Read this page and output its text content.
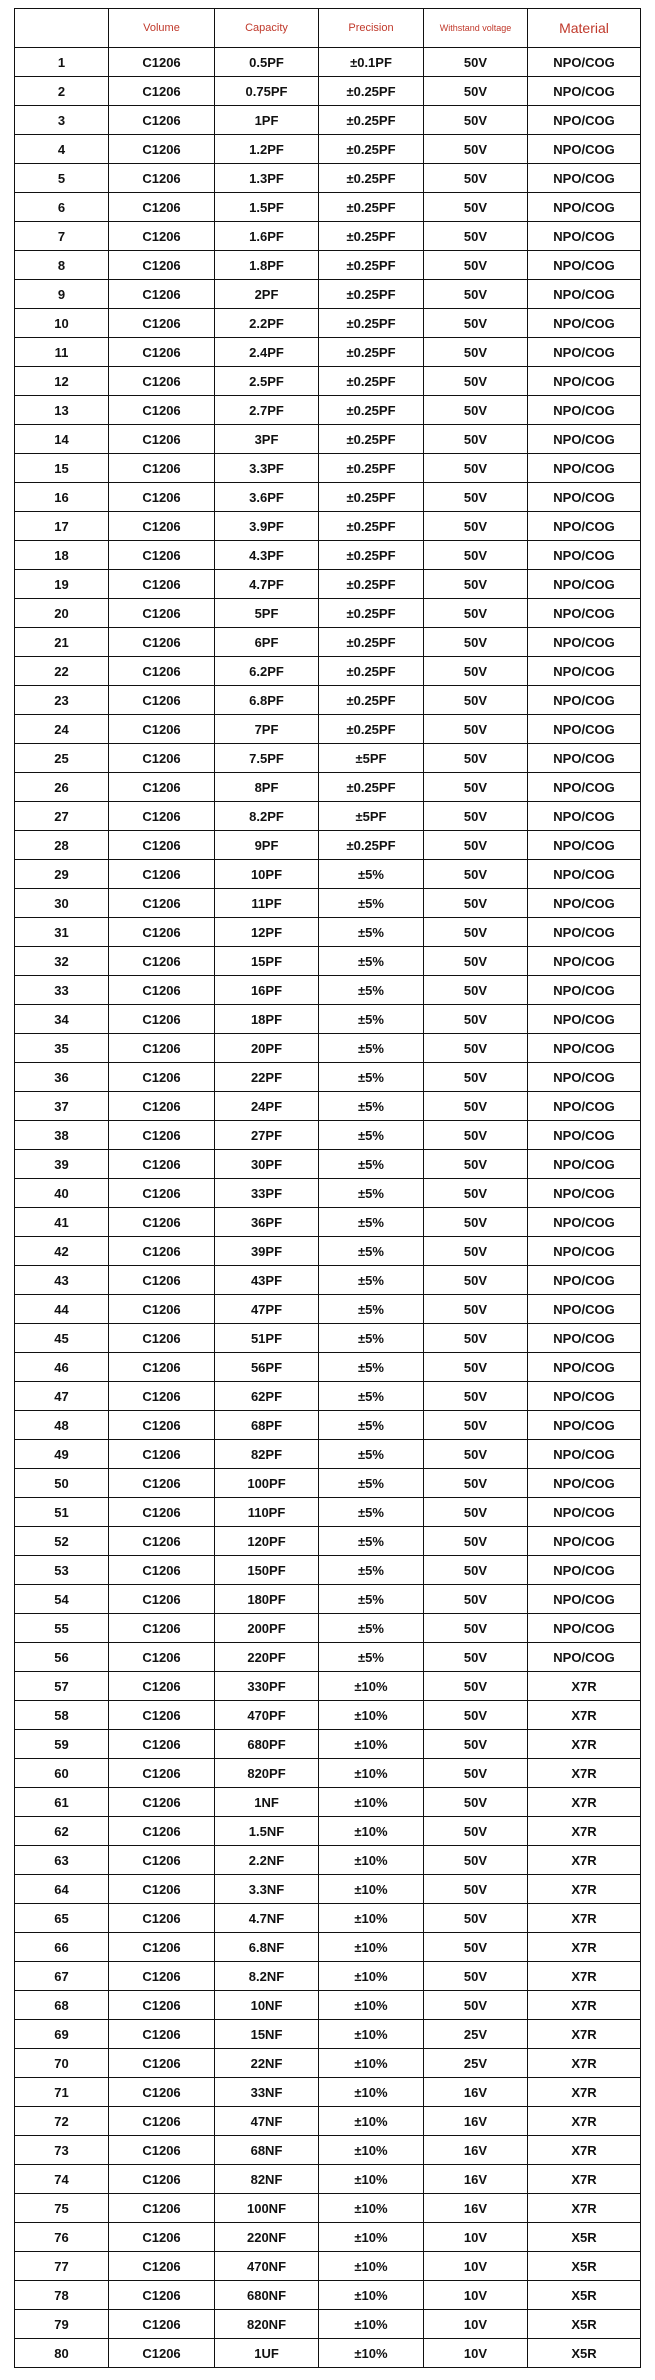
	Volume	Capacity	Precision	Withstand voltage	Material
1	C1206	0.5PF	±0.1PF	50V	NPO/COG
2	C1206	0.75PF	±0.25PF	50V	NPO/COG
3	C1206	1PF	±0.25PF	50V	NPO/COG
4	C1206	1.2PF	±0.25PF	50V	NPO/COG
5	C1206	1.3PF	±0.25PF	50V	NPO/COG
6	C1206	1.5PF	±0.25PF	50V	NPO/COG
7	C1206	1.6PF	±0.25PF	50V	NPO/COG
8	C1206	1.8PF	±0.25PF	50V	NPO/COG
9	C1206	2PF	±0.25PF	50V	NPO/COG
10	C1206	2.2PF	±0.25PF	50V	NPO/COG
11	C1206	2.4PF	±0.25PF	50V	NPO/COG
12	C1206	2.5PF	±0.25PF	50V	NPO/COG
13	C1206	2.7PF	±0.25PF	50V	NPO/COG
14	C1206	3PF	±0.25PF	50V	NPO/COG
15	C1206	3.3PF	±0.25PF	50V	NPO/COG
16	C1206	3.6PF	±0.25PF	50V	NPO/COG
17	C1206	3.9PF	±0.25PF	50V	NPO/COG
18	C1206	4.3PF	±0.25PF	50V	NPO/COG
19	C1206	4.7PF	±0.25PF	50V	NPO/COG
20	C1206	5PF	±0.25PF	50V	NPO/COG
21	C1206	6PF	±0.25PF	50V	NPO/COG
22	C1206	6.2PF	±0.25PF	50V	NPO/COG
23	C1206	6.8PF	±0.25PF	50V	NPO/COG
24	C1206	7PF	±0.25PF	50V	NPO/COG
25	C1206	7.5PF	±5PF	50V	NPO/COG
26	C1206	8PF	±0.25PF	50V	NPO/COG
27	C1206	8.2PF	±5PF	50V	NPO/COG
28	C1206	9PF	±0.25PF	50V	NPO/COG
29	C1206	10PF	±5%	50V	NPO/COG
30	C1206	11PF	±5%	50V	NPO/COG
31	C1206	12PF	±5%	50V	NPO/COG
32	C1206	15PF	±5%	50V	NPO/COG
33	C1206	16PF	±5%	50V	NPO/COG
34	C1206	18PF	±5%	50V	NPO/COG
35	C1206	20PF	±5%	50V	NPO/COG
36	C1206	22PF	±5%	50V	NPO/COG
37	C1206	24PF	±5%	50V	NPO/COG
38	C1206	27PF	±5%	50V	NPO/COG
39	C1206	30PF	±5%	50V	NPO/COG
40	C1206	33PF	±5%	50V	NPO/COG
41	C1206	36PF	±5%	50V	NPO/COG
42	C1206	39PF	±5%	50V	NPO/COG
43	C1206	43PF	±5%	50V	NPO/COG
44	C1206	47PF	±5%	50V	NPO/COG
45	C1206	51PF	±5%	50V	NPO/COG
46	C1206	56PF	±5%	50V	NPO/COG
47	C1206	62PF	±5%	50V	NPO/COG
48	C1206	68PF	±5%	50V	NPO/COG
49	C1206	82PF	±5%	50V	NPO/COG
50	C1206	100PF	±5%	50V	NPO/COG
51	C1206	110PF	±5%	50V	NPO/COG
52	C1206	120PF	±5%	50V	NPO/COG
53	C1206	150PF	±5%	50V	NPO/COG
54	C1206	180PF	±5%	50V	NPO/COG
55	C1206	200PF	±5%	50V	NPO/COG
56	C1206	220PF	±5%	50V	NPO/COG
57	C1206	330PF	±10%	50V	X7R
58	C1206	470PF	±10%	50V	X7R
59	C1206	680PF	±10%	50V	X7R
60	C1206	820PF	±10%	50V	X7R
61	C1206	1NF	±10%	50V	X7R
62	C1206	1.5NF	±10%	50V	X7R
63	C1206	2.2NF	±10%	50V	X7R
64	C1206	3.3NF	±10%	50V	X7R
65	C1206	4.7NF	±10%	50V	X7R
66	C1206	6.8NF	±10%	50V	X7R
67	C1206	8.2NF	±10%	50V	X7R
68	C1206	10NF	±10%	50V	X7R
69	C1206	15NF	±10%	25V	X7R
70	C1206	22NF	±10%	25V	X7R
71	C1206	33NF	±10%	16V	X7R
72	C1206	47NF	±10%	16V	X7R
73	C1206	68NF	±10%	16V	X7R
74	C1206	82NF	±10%	16V	X7R
75	C1206	100NF	±10%	16V	X7R
76	C1206	220NF	±10%	10V	X5R
77	C1206	470NF	±10%	10V	X5R
78	C1206	680NF	±10%	10V	X5R
79	C1206	820NF	±10%	10V	X5R
80	C1206	1UF	±10%	10V	X5R
